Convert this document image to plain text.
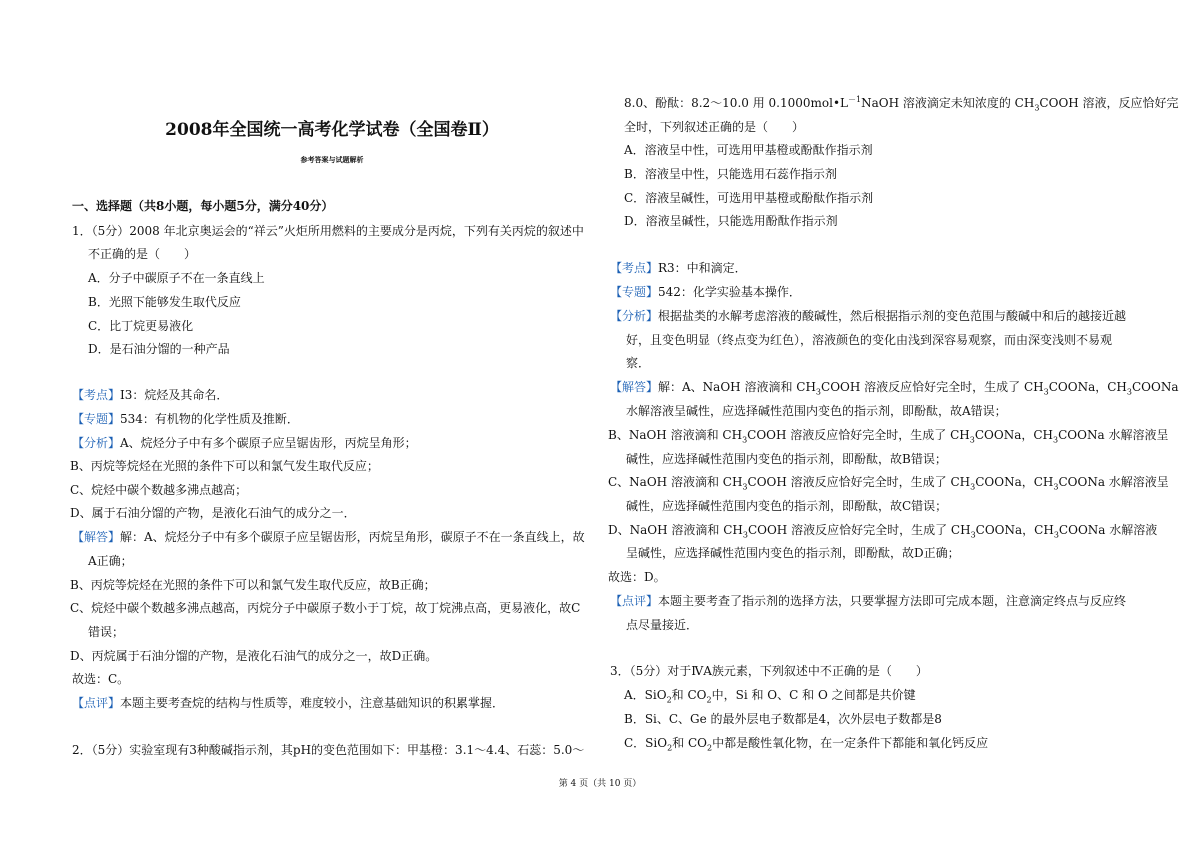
2008年全国统一高考化学试卷（全国卷Ⅱ）
参考答案与试题解析
一、选择题（共8小题，每小题5分，满分40分）
1．（5分）2008 年北京奥运会的“祥云”火炬所用燃料的主要成分是丙烷，下列有关丙烷的叙述中
不正确的是（　　）
A．分子中碳原子不在一条直线上
B．光照下能够发生取代反应
C．比丁烷更易液化
D．是石油分馏的一种产品
【考点】I3：烷烃及其命名．
【专题】534：有机物的化学性质及推断．
【分析】A、烷烃分子中有多个碳原子应呈锯齿形，丙烷呈角形；
B、丙烷等烷烃在光照的条件下可以和氯气发生取代反应；
C、烷烃中碳个数越多沸点越高；
D、属于石油分馏的产物，是液化石油气的成分之一．
【解答】解：A、烷烃分子中有多个碳原子应呈锯齿形，丙烷呈角形，碳原子不在一条直线上，故
A正确；
B、丙烷等烷烃在光照的条件下可以和氯气发生取代反应，故B正确；
C、烷烃中碳个数越多沸点越高，丙烷分子中碳原子数小于丁烷，故丁烷沸点高，更易液化，故C
错误；
D、丙烷属于石油分馏的产物，是液化石油气的成分之一，故D正确。
故选：C。
【点评】本题主要考查烷的结构与性质等，难度较小，注意基础知识的积累掌握．
2．（5分）实验室现有3种酸碱指示剂，其pH的变色范围如下：甲基橙：3.1～4.4、石蕊：5.0～
8.0、酚酞：8.2～10.0 用 $0.1000mol•L^{-1}NaOH$ 溶液滴定未知浓度的 $CH_3COOH$ 溶液，反应恰好完
全时，下列叙述正确的是（　　）
A．溶液呈中性，可选用甲基橙或酚酞作指示剂
B．溶液呈中性，只能选用石蕊作指示剂
C．溶液呈碱性，可选用甲基橙或酚酞作指示剂
D．溶液呈碱性，只能选用酚酞作指示剂
【考点】R3：中和滴定．
【专题】542：化学实验基本操作．
【分析】根据盐类的水解考虑溶液的酸碱性，然后根据指示剂的变色范围与酸碱中和后的越接近越
好，且变色明显（终点变为红色），溶液颜色的变化由浅到深容易观察，而由深变浅则不易观
察．
【解答】解：A、NaOH 溶液滴和 $CH_3COOH$ 溶液反应恰好完全时，生成了 $CH_3COONa$，$CH_3COONa$
水解溶液呈碱性，应选择碱性范围内变色的指示剂，即酚酞，故A错误；
B、NaOH 溶液滴和 $CH_3COOH$ 溶液反应恰好完全时，生成了 $CH_3COONa$，$CH_3COONa$ 水解溶液呈
碱性，应选择碱性范围内变色的指示剂，即酚酞，故B错误；
C、NaOH 溶液滴和 $CH_3COOH$ 溶液反应恰好完全时，生成了 $CH_3COONa$，$CH_3COONa$ 水解溶液呈
碱性，应选择碱性范围内变色的指示剂，即酚酞，故C错误；
D、NaOH 溶液滴和 $CH_3COOH$ 溶液反应恰好完全时，生成了 $CH_3COONa$，$CH_3COONa$ 水解溶液
呈碱性，应选择碱性范围内变色的指示剂，即酚酞，故D正确；
故选：D。
【点评】本题主要考查了指示剂的选择方法，只要掌握方法即可完成本题，注意滴定终点与反应终
点尽量接近．
3．（5分）对于ⅣA族元素，下列叙述中不正确的是（　　）
A．SiO$_2$和 $CO_2$中，Si 和 O、C 和 O 之间都是共价键
B．Si、C、Ge 的最外层电子数都是4，次外层电子数都是8
C．SiO$_2$和 $CO_2$中都是酸性氧化物，在一定条件下都能和氧化钙反应
第 4 页（共 10 页）
